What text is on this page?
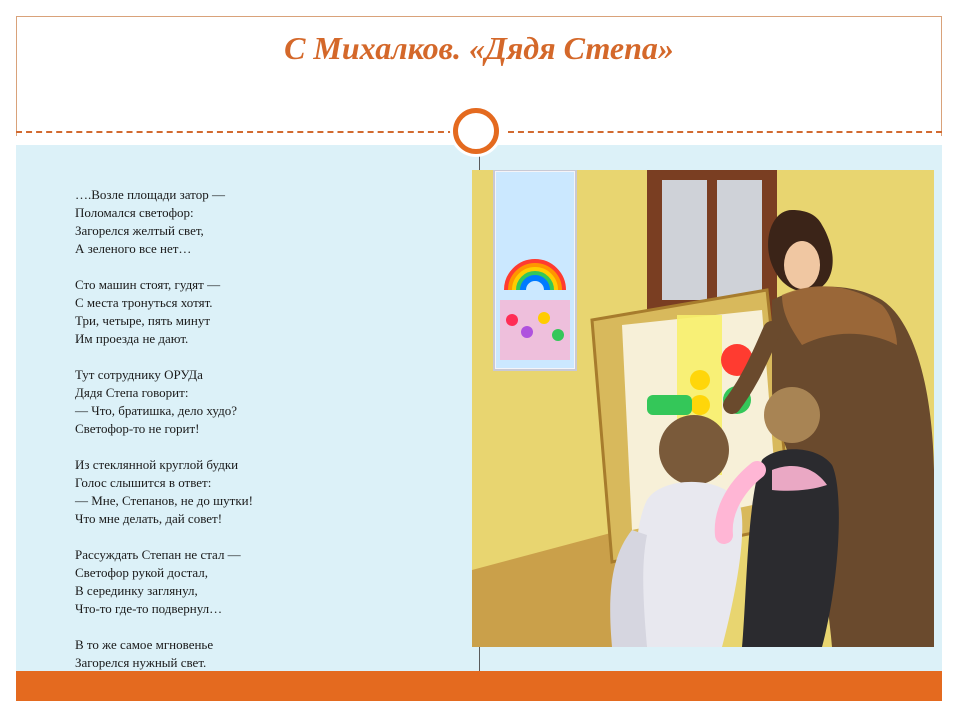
С Михалков. «Дядя Степа»
….Возле площади затор —
Поломался светофор:
Загорелся желтый свет,
А зеленого все нет…
Сто машин стоят, гудят —
С места тронуться хотят.
Три, четыре, пять минут
Им проезда не дают.
Тут сотруднику ОРУДа
Дядя Степа говорит:
— Что, братишка, дело худо?
Светофор-то не горит!
Из стеклянной круглой будки
Голос слышится в ответ:
— Мне, Степанов, не до шутки!
Что мне делать, дай совет!
Рассуждать Степан не стал —
Светофор рукой достал,
В серединку заглянул,
Что-то где-то подвернул…
В то же самое мгновенье
Загорелся нужный свет.
